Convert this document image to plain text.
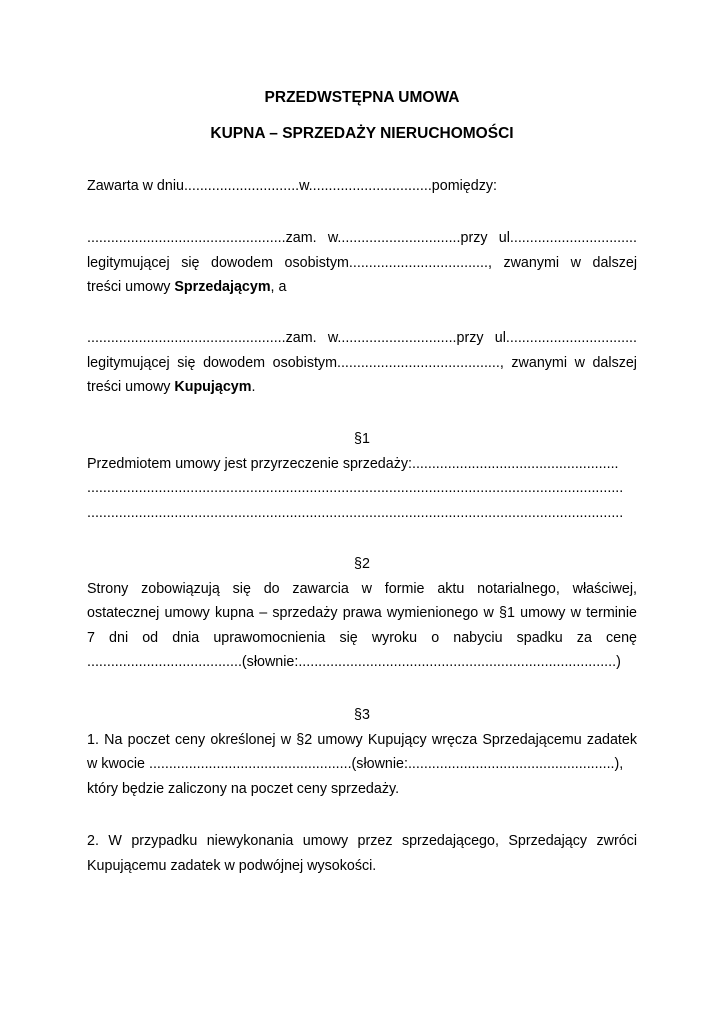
PRZEDWSTĘPNA UMOWA
KUPNA – SPRZEDAŻY NIERUCHOMOŚCI
Zawarta w dniu.............................w...............................pomiędzy:
..................................................zam. w...............................przy ul................................
legitymującej się dowodem osobistym..................................., zwanymi w dalszej
treści umowy Sprzedającym, a
..................................................zam. w..............................przy ul.................................
legitymującej się dowodem osobistym........................................., zwanymi w dalszej
treści umowy Kupującym.
§1
Przedmiotem umowy jest przyrzeczenie sprzedaży:....................................................
.......................................................................................................................................
.......................................................................................................................................
§2
Strony zobowiązują się do zawarcia w formie aktu notarialnego, właściwej,
ostatecznej umowy kupna – sprzedaży prawa wymienionego w §1 umowy w terminie
7 dni od dnia uprawomocnienia się wyroku o nabyciu spadku za cenę
.......................................(słownie:................................................................................)
§3
1. Na poczet ceny określonej w §2 umowy Kupujący wręcza Sprzedającemu zadatek
w kwocie ...................................................(słownie:....................................................),
który będzie zaliczony na poczet ceny sprzedaży.
2. W przypadku niewykonania umowy przez sprzedającego, Sprzedający zwróci
Kupującemu zadatek w podwójnej wysokości.
